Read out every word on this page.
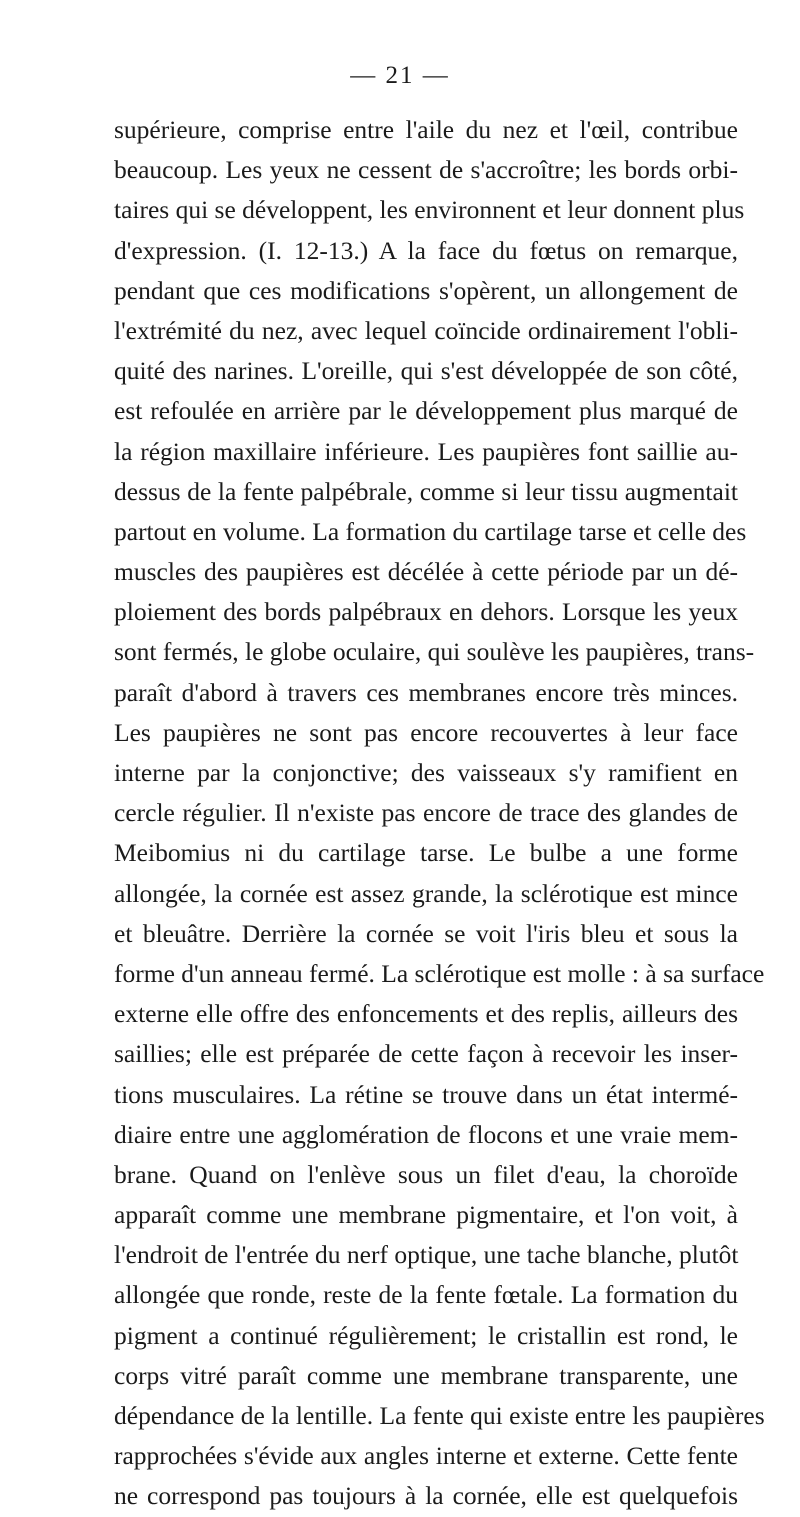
— 21 —
supérieure, comprise entre l'aile du nez et l'œil, contribue
beaucoup. Les yeux ne cessent de s'accroître; les bords orbi-
taires qui se développent, les environnent et leur donnent plus
d'expression. (I. 12-13.) A la face du fœtus on remarque,
pendant que ces modifications s'opèrent, un allongement de
l'extrémité du nez, avec lequel coïncide ordinairement l'obli-
quité des narines. L'oreille, qui s'est développée de son côté,
est refoulée en arrière par le développement plus marqué de
la région maxillaire inférieure. Les paupières font saillie au-
dessus de la fente palpébrale, comme si leur tissu augmentait
partout en volume. La formation du cartilage tarse et celle des
muscles des paupières est décélée à cette période par un dé-
ploiement des bords palpébraux en dehors. Lorsque les yeux
sont fermés, le globe oculaire, qui soulève les paupières, trans-
paraît d'abord à travers ces membranes encore très minces.
Les paupières ne sont pas encore recouvertes à leur face
interne par la conjonctive; des vaisseaux s'y ramifient en
cercle régulier. Il n'existe pas encore de trace des glandes de
Meibomius ni du cartilage tarse. Le bulbe a une forme
allongée, la cornée est assez grande, la sclérotique est mince
et bleuâtre. Derrière la cornée se voit l'iris bleu et sous la
forme d'un anneau fermé. La sclérotique est molle : à sa surface
externe elle offre des enfoncements et des replis, ailleurs des
saillies; elle est préparée de cette façon à recevoir les inser-
tions musculaires. La rétine se trouve dans un état intermé-
diaire entre une agglomération de flocons et une vraie mem-
brane. Quand on l'enlève sous un filet d'eau, la choroïde
apparaît comme une membrane pigmentaire, et l'on voit, à
l'endroit de l'entrée du nerf optique, une tache blanche, plutôt
allongée que ronde, reste de la fente fœtale. La formation du
pigment a continué régulièrement; le cristallin est rond, le
corps vitré paraît comme une membrane transparente, une
dépendance de la lentille. La fente qui existe entre les paupières
rapprochées s'évide aux angles interne et externe. Cette fente
ne correspond pas toujours à la cornée, elle est quelquefois
